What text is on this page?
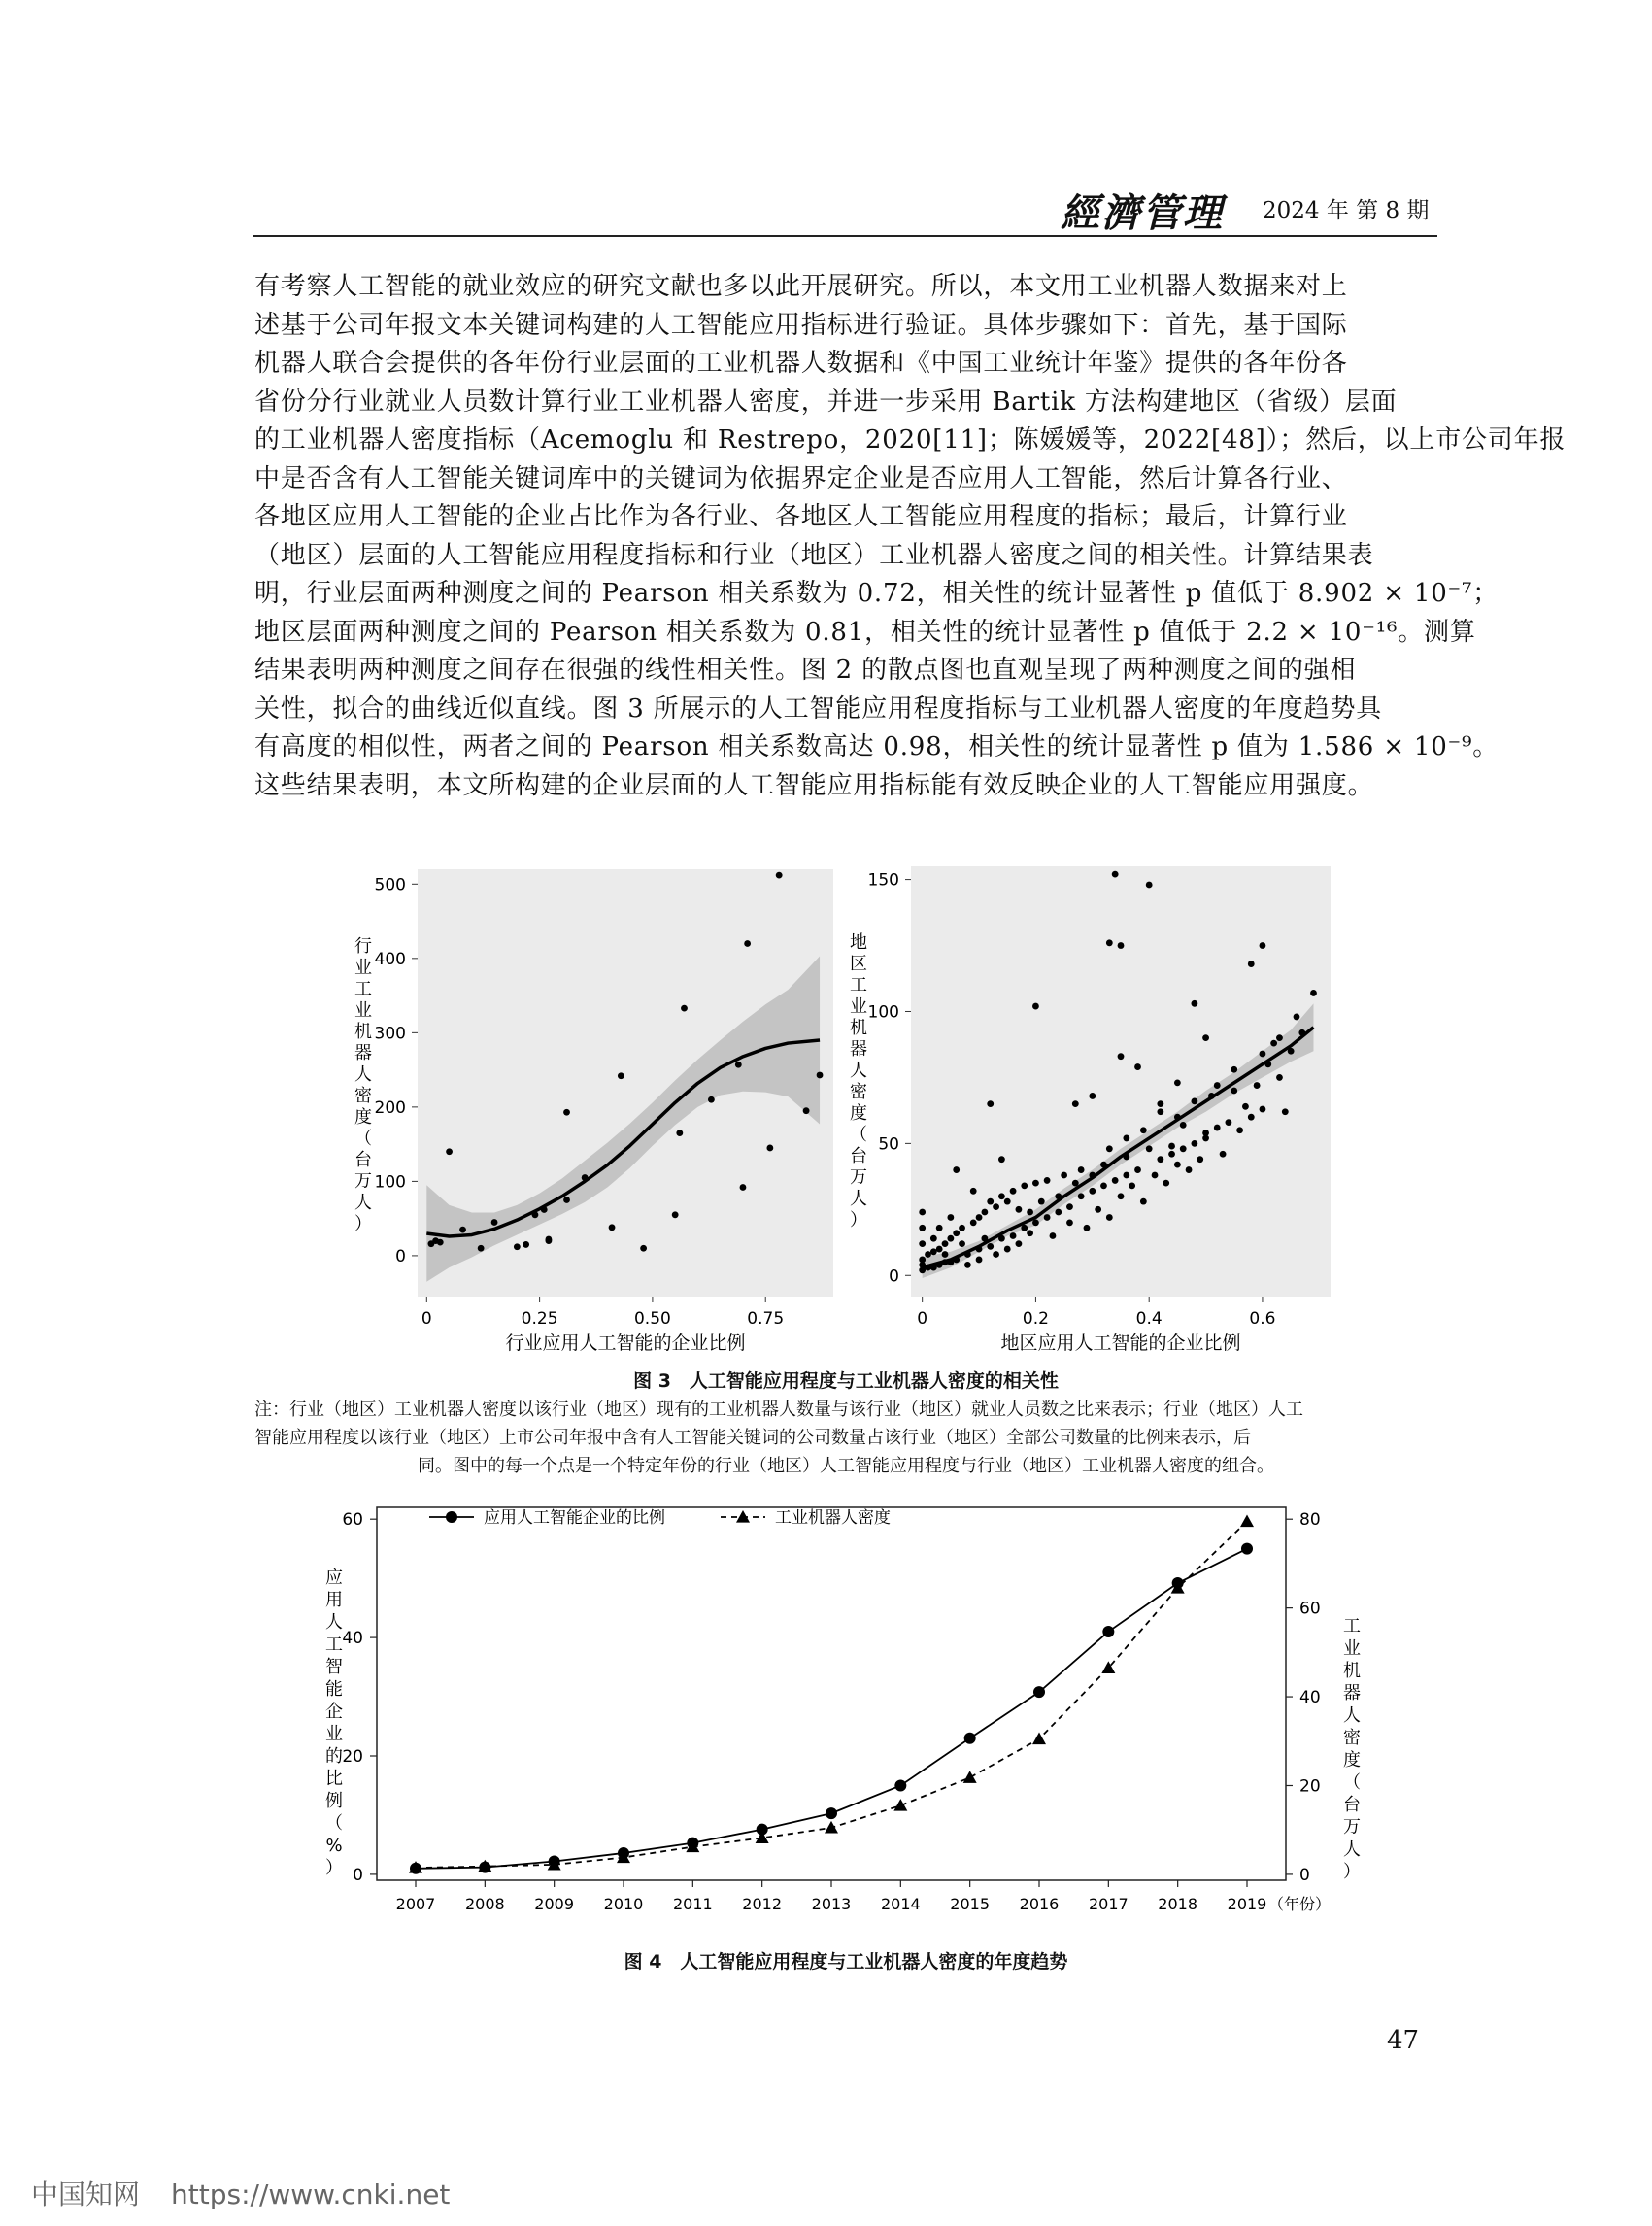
經濟管理 2024 年 第 8 期
有考察人工智能的就业效应的研究文献也多以此开展研究。所以，本文用工业机器人数据来对上
述基于公司年报文本关键词构建的人工智能应用指标进行验证。具体步骤如下：首先，基于国际
机器人联合会提供的各年份行业层面的工业机器人数据和《中国工业统计年鉴》提供的各年份各
省份分行业就业人员数计算行业工业机器人密度，并进一步采用 Bartik 方法构建地区（省级）层面
的工业机器人密度指标（Acemoglu 和 Restrepo，2020[11]；陈媛媛等，2022[48]）；然后，以上市公司年报
中是否含有人工智能关键词库中的关键词为依据界定企业是否应用人工智能，然后计算各行业、
各地区应用人工智能的企业占比作为各行业、各地区人工智能应用程度的指标；最后，计算行业
（地区）层面的人工智能应用程度指标和行业（地区）工业机器人密度之间的相关性。计算结果表
明，行业层面两种测度之间的 Pearson 相关系数为 0.72，相关性的统计显著性 p 值低于 8.902 × 10⁻⁷；
地区层面两种测度之间的 Pearson 相关系数为 0.81，相关性的统计显著性 p 值低于 2.2 × 10⁻¹⁶。测算
结果表明两种测度之间存在很强的线性相关性。图 2 的散点图也直观呈现了两种测度之间的强相
关性，拟合的曲线近似直线。图 3 所展示的人工智能应用程度指标与工业机器人密度的年度趋势具
有高度的相似性，两者之间的 Pearson 相关系数高达 0.98，相关性的统计显著性 p 值为 1.586 × 10⁻⁹。
这些结果表明，本文所构建的企业层面的人工智能应用指标能有效反映企业的人工智能应用强度。
0	0.25	0.50	0.75
0
100
200
300
400
500
行业应用人工智能的企业比例
0	0.2	0.4	0.6
0
50
100
150
地区应用人工智能的企业比例
行
业
工
业
机
器
人
密
度
（
台
万
人
）
地
区
工
业
机
器
人
密
度
（
台
万
人
）
图 3　人工智能应用程度与工业机器人密度的相关性
注：行业（地区）工业机器人密度以该行业（地区）现有的工业机器人数量与该行业（地区）就业人员数之比来表示；行业（地区）人工
智能应用程度以该行业（地区）上市公司年报中含有人工智能关键词的公司数量占该行业（地区）全部公司数量的比例来表示，后
同。图中的每一个点是一个特定年份的行业（地区）人工智能应用程度与行业（地区）工业机器人密度的组合。
0
20
40
60
0
20
40
60
80
2007 2008 2009 2010 2011 2012 2013 2014 2015 2016 2017 2018 2019 （年份）
应
用
人
工
智
能
企
业
的
比
例
（
%
）
工
业
机
器
人
密
度
（
台
万
人
）
应用人工智能企业的比例	工业机器人密度
图 4　人工智能应用程度与工业机器人密度的年度趋势
47
中国知网 https://www.cnki.net
